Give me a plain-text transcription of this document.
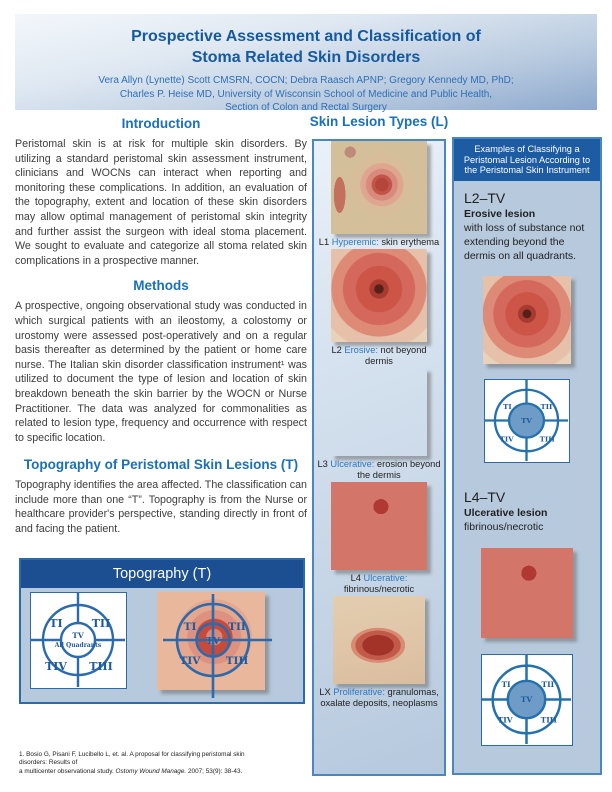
Prospective Assessment and Classification of
Stoma Related Skin Disorders
Vera Allyn (Lynette) Scott CMSRN, COCN; Debra Raasch APNP; Gregory Kennedy MD, PhD;
Charles P. Heise MD, University of Wisconsin School of Medicine and Public Health,
Section of Colon and Rectal Surgery
Introduction

Peristomal skin is at risk for multiple skin disorders. By utilizing a standard peristomal skin assessment instrument, clinicians and WOCNs can interact when reporting and monitoring these complications. In addition, an evaluation of the topography, extent and location of these skin disorders may allow optimal management of peristomal skin integrity and further assist the surgeon with ideal stoma placement. We sought to evaluate and categorize all stoma related skin complications in a prospective manner.

Methods

A prospective, ongoing observational study was conducted in which surgical patients with an ileostomy, a colostomy or urostomy were assessed post-operatively and on a regular basis thereafter as determined by the patient or home care nurse. The Italian skin disorder classification instrument¹ was utilized to document the type of lesion and location of skin breakdown beneath the skin barrier by the WOCN or Nurse Practitioner. The data was analyzed for commonalities as related to lesion type, frequency and occurrence with respect to specific location.

Topography of Peristomal Skin Lesions (T)

Topography identifies the area affected. The classification can include more than one “T”. Topography is from the Nurse or healthcare provider's perspective, standing directly in front of and facing the patient.

Topography (T)
TI	TII
TIV TIII
TV
All Quadrants
TI	TII
TIV TIII
TV
1. Bosio G, Pisani F, Lucibello L, et. al. A proposal for classifying peristomal skin disorders: Results of
a multicenter observational study. Ostomy Wound Manage. 2007; 53(9): 38-43.
Skin Lesion Types (L)
L1 Hyperemic: skin erythema
L2 Erosive: not beyond dermis
L3 Ulcerative: erosion beyond the dermis
L4 Ulcerative: fibrinous/necrotic
LX Proliferative: granulomas, oxalate deposits, neoplasms
Examples of Classifying a
Peristomal Lesion According to
the Peristomal Skin Instrument
L2–TV
Erosive lesion
with loss of substance not extending beyond the dermis on all quadrants.
TI	TII
TIV	TIII
TV
L4–TV
Ulcerative lesion
fibrinous/necrotic
TI	TII
TIV	TIII
TV
